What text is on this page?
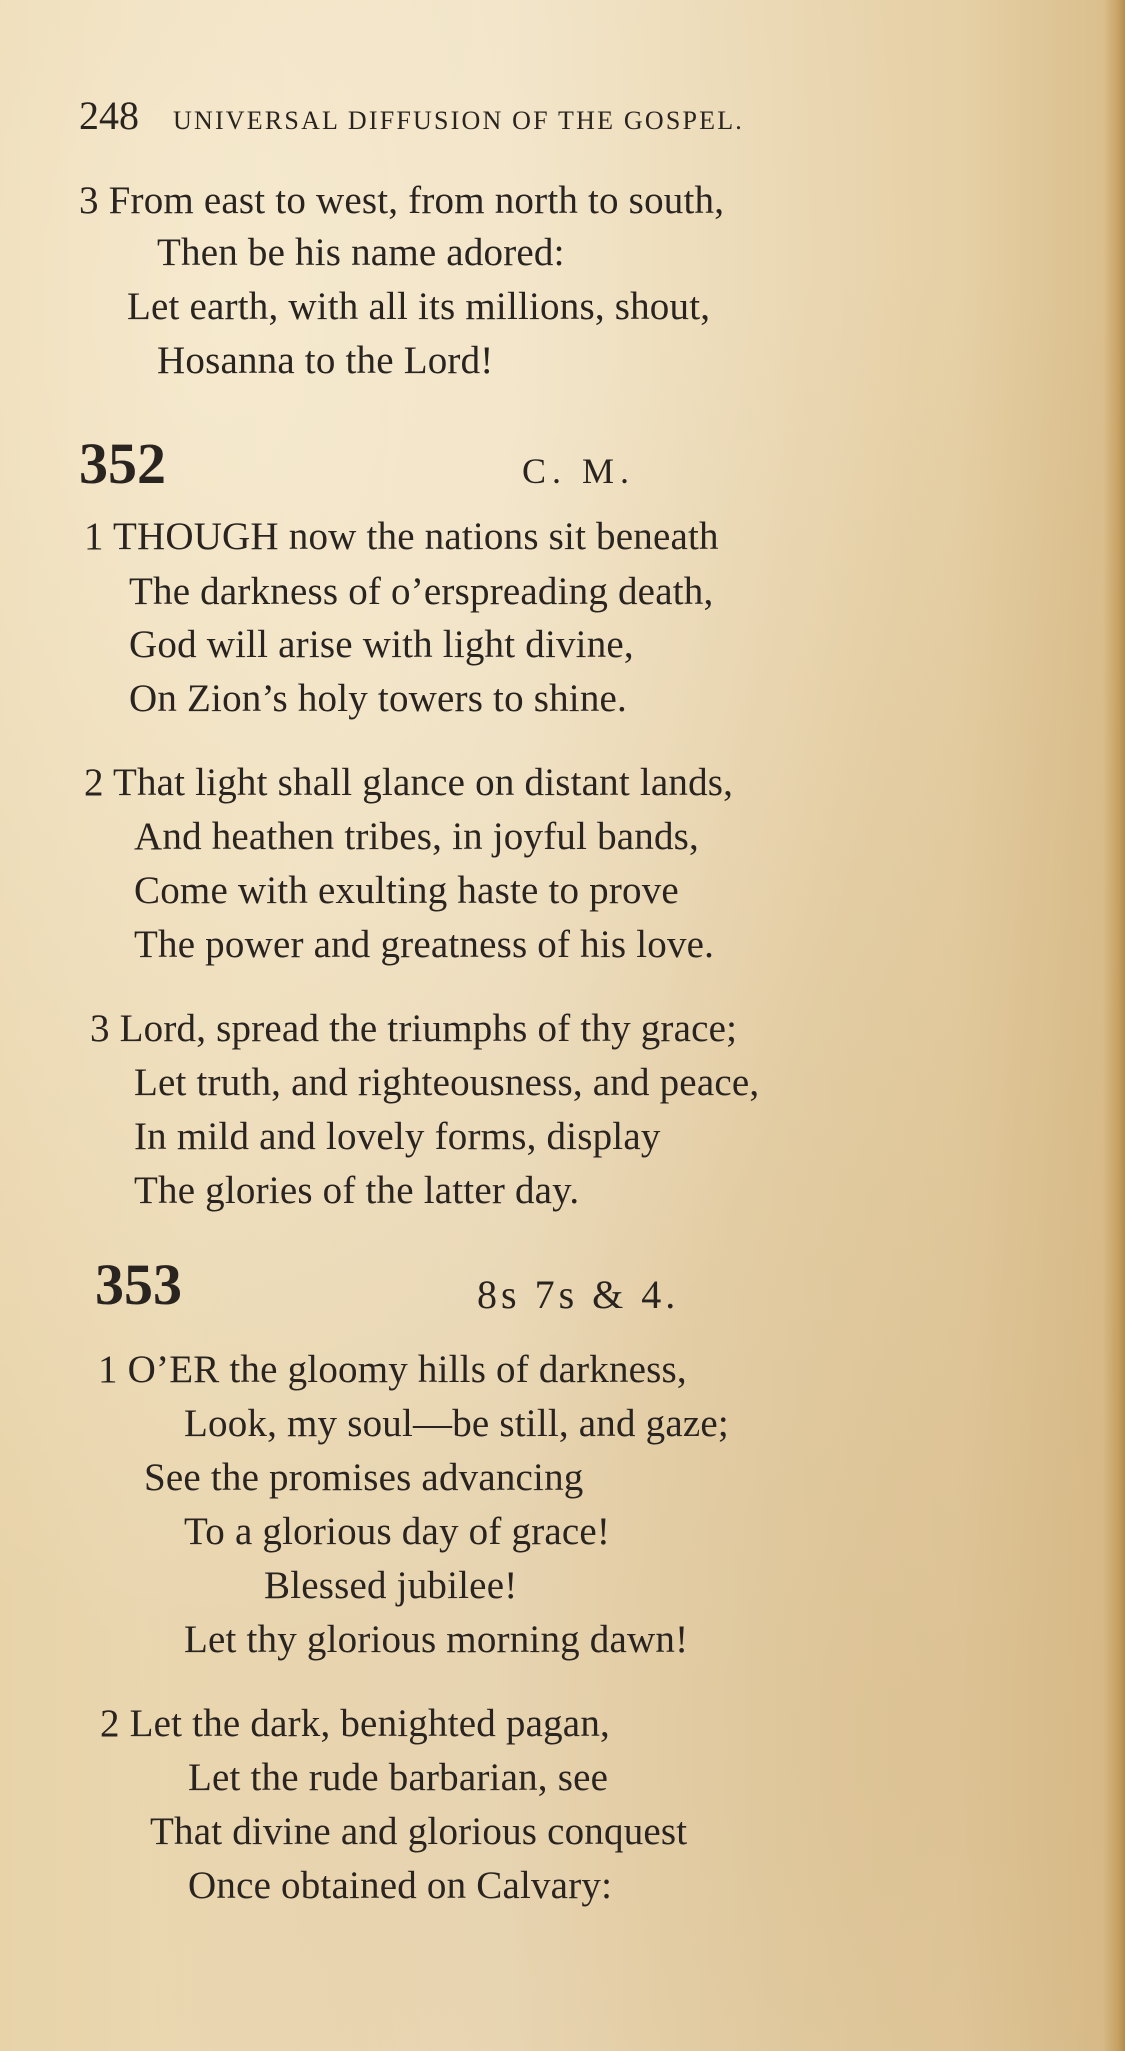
248 UNIVERSAL DIFFUSION OF THE GOSPEL.
3 From east to west, from north to south,
Then be his name adored:
Let earth, with all its millions, shout,
Hosanna to the Lord!
352	C. M.
1 THOUGH now the nations sit beneath
The darkness of o’erspreading death,
God will arise with light divine,
On Zion’s holy towers to shine.
2 That light shall glance on distant lands,
And heathen tribes, in joyful bands,
Come with exulting haste to prove
The power and greatness of his love.
3 Lord, spread the triumphs of thy grace;
Let truth, and righteousness, and peace,
In mild and lovely forms, display
The glories of the latter day.
353	8s 7s & 4.
1 O’ER the gloomy hills of darkness,
Look, my soul—be still, and gaze;
See the promises advancing
To a glorious day of grace!
Blessed jubilee!
Let thy glorious morning dawn!
2 Let the dark, benighted pagan,
Let the rude barbarian, see
That divine and glorious conquest
Once obtained on Calvary:
